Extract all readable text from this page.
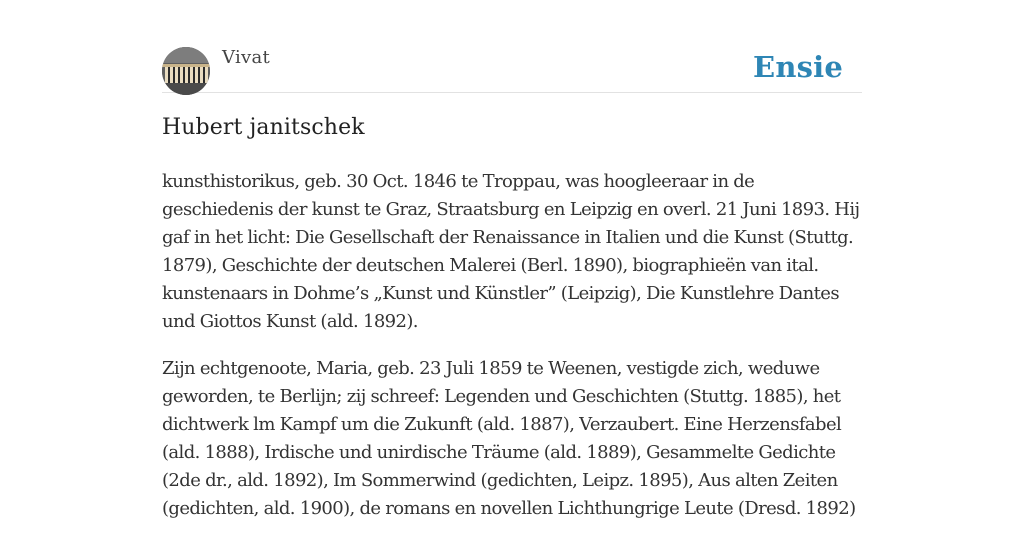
Vivat	Ensie
Hubert janitschek

kunsthistorikus, geb. 30 Oct. 1846 te Troppau, was hoogleeraar in de geschiedenis der kunst te Graz, Straatsburg en Leipzig en overl. 21 Juni 1893. Hij gaf in het licht: Die Gesellschaft der Renaissance in Italien und die Kunst (Stuttg. 1879), Geschichte der deutschen Malerei (Berl. 1890), biographieën van ital. kunstenaars in Dohme’s „Kunst und Künstler” (Leipzig), Die Kunstlehre Dantes und Giottos Kunst (ald. 1892).

Zijn echtgenoote, Maria, geb. 23 Juli 1859 te Weenen, vestigde zich, weduwe geworden, te Berlijn; zij schreef: Legenden und Geschichten (Stuttg. 1885), het dichtwerk lm Kampf um die Zukunft (ald. 1887), Verzaubert. Eine Herzensfabel (ald. 1888), Irdische und unirdische Träume (ald. 1889), Gesammelte Gedichte (2de dr., ald. 1892), Im Sommerwind (gedichten, Leipz. 1895), Aus alten Zeiten (gedichten, ald. 1900), de romans en novellen Lichthungrige Leute (Dresd. 1892)
